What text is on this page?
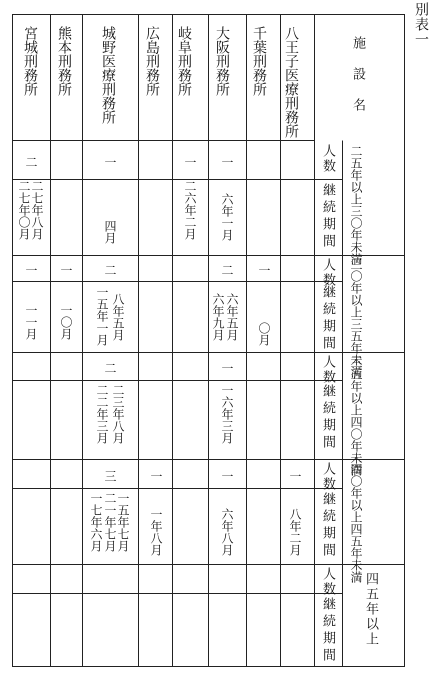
別表一
施設名
八王子医療刑務所
千葉刑務所
大阪刑務所
岐阜刑務所
広島刑務所
城野医療刑務所
熊本刑務所
宮城刑務所
人数
継続期間
人数
継続期間
人数
継続期間
人数
継続期間
人数
継続期間
二五年以上三〇年未満
三〇年以上三五年未満
三五年以上四〇年未満
四〇年以上四五年未満
四五年以上
一
一
一
二
六年一月
二六年二月
四月
二七年八月
二七年〇月
一
二
二
一
一
〇月
六年五月
六年九月
八年五月
一五年一月
一〇月
一一月
一
二
一六年三月
二三年八月
二二年三月
一
一
一
三
八年二月
六年八月
一年八月
一五年七月
二一年七月
一七年六月
